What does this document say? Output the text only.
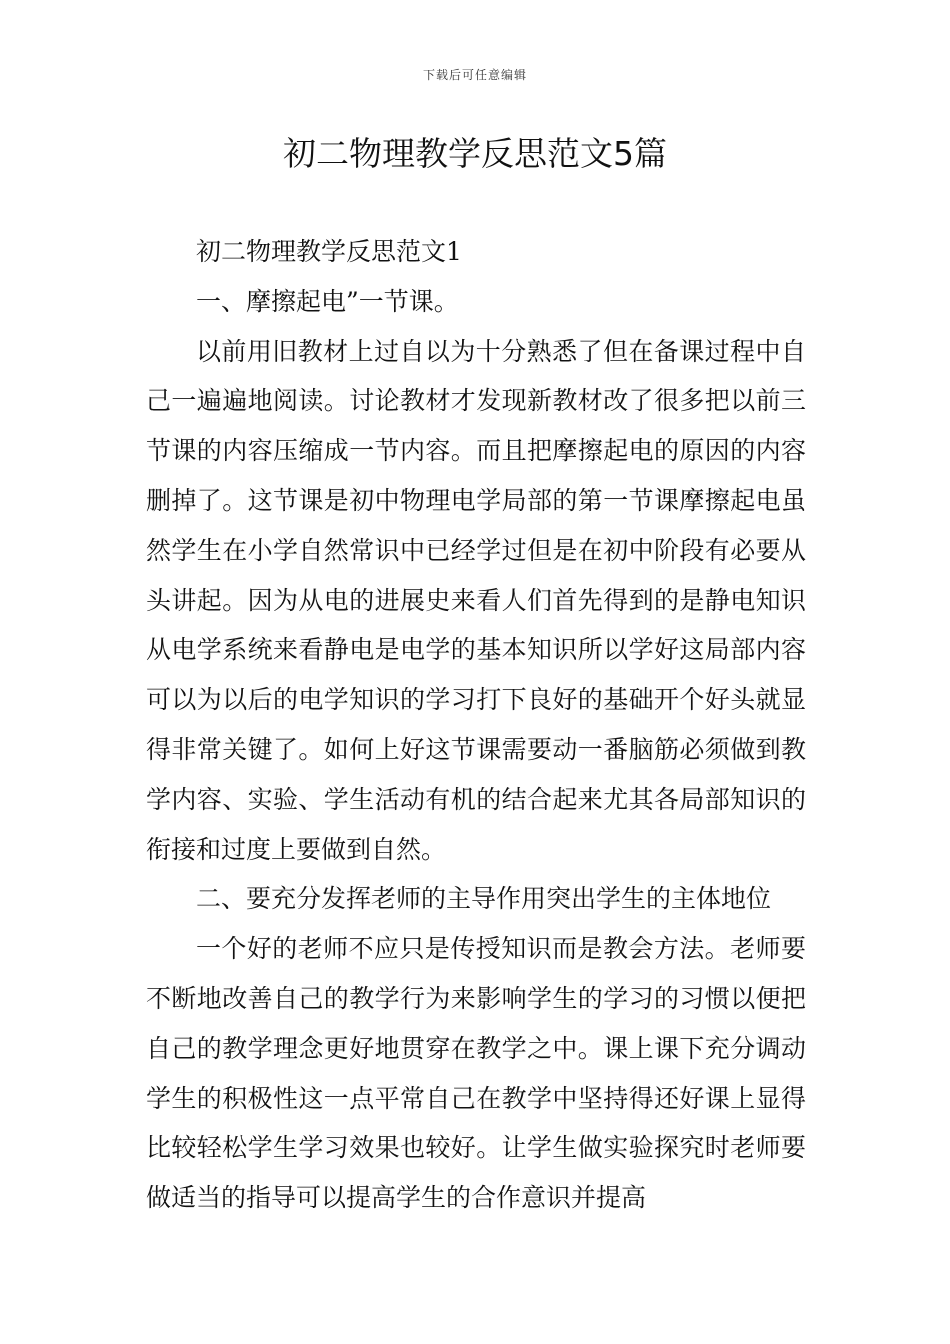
下载后可任意编辑
初二物理教学反思范文5篇

初二物理教学反思范文1

一、摩擦起电”一节课。

以前用旧教材上过自以为十分熟悉了但在备课过程中自己一遍遍地阅读。讨论教材才发现新教材改了很多把以前三节课的内容压缩成一节内容。而且把摩擦起电的原因的内容删掉了。这节课是初中物理电学局部的第一节课摩擦起电虽然学生在小学自然常识中已经学过但是在初中阶段有必要从头讲起。因为从电的进展史来看人们首先得到的是静电知识从电学系统来看静电是电学的基本知识所以学好这局部内容可以为以后的电学知识的学习打下良好的基础开个好头就显得非常关键了。如何上好这节课需要动一番脑筋必须做到教学内容、实验、学生活动有机的结合起来尤其各局部知识的衔接和过度上要做到自然。

二、要充分发挥老师的主导作用突出学生的主体地位

一个好的老师不应只是传授知识而是教会方法。老师要不断地改善自己的教学行为来影响学生的学习的习惯以便把自己的教学理念更好地贯穿在教学之中。课上课下充分调动学生的积极性这一点平常自己在教学中坚持得还好课上显得比较轻松学生学习效果也较好。让学生做实验探究时老师要做适当的指导可以提高学生的合作意识并提高
